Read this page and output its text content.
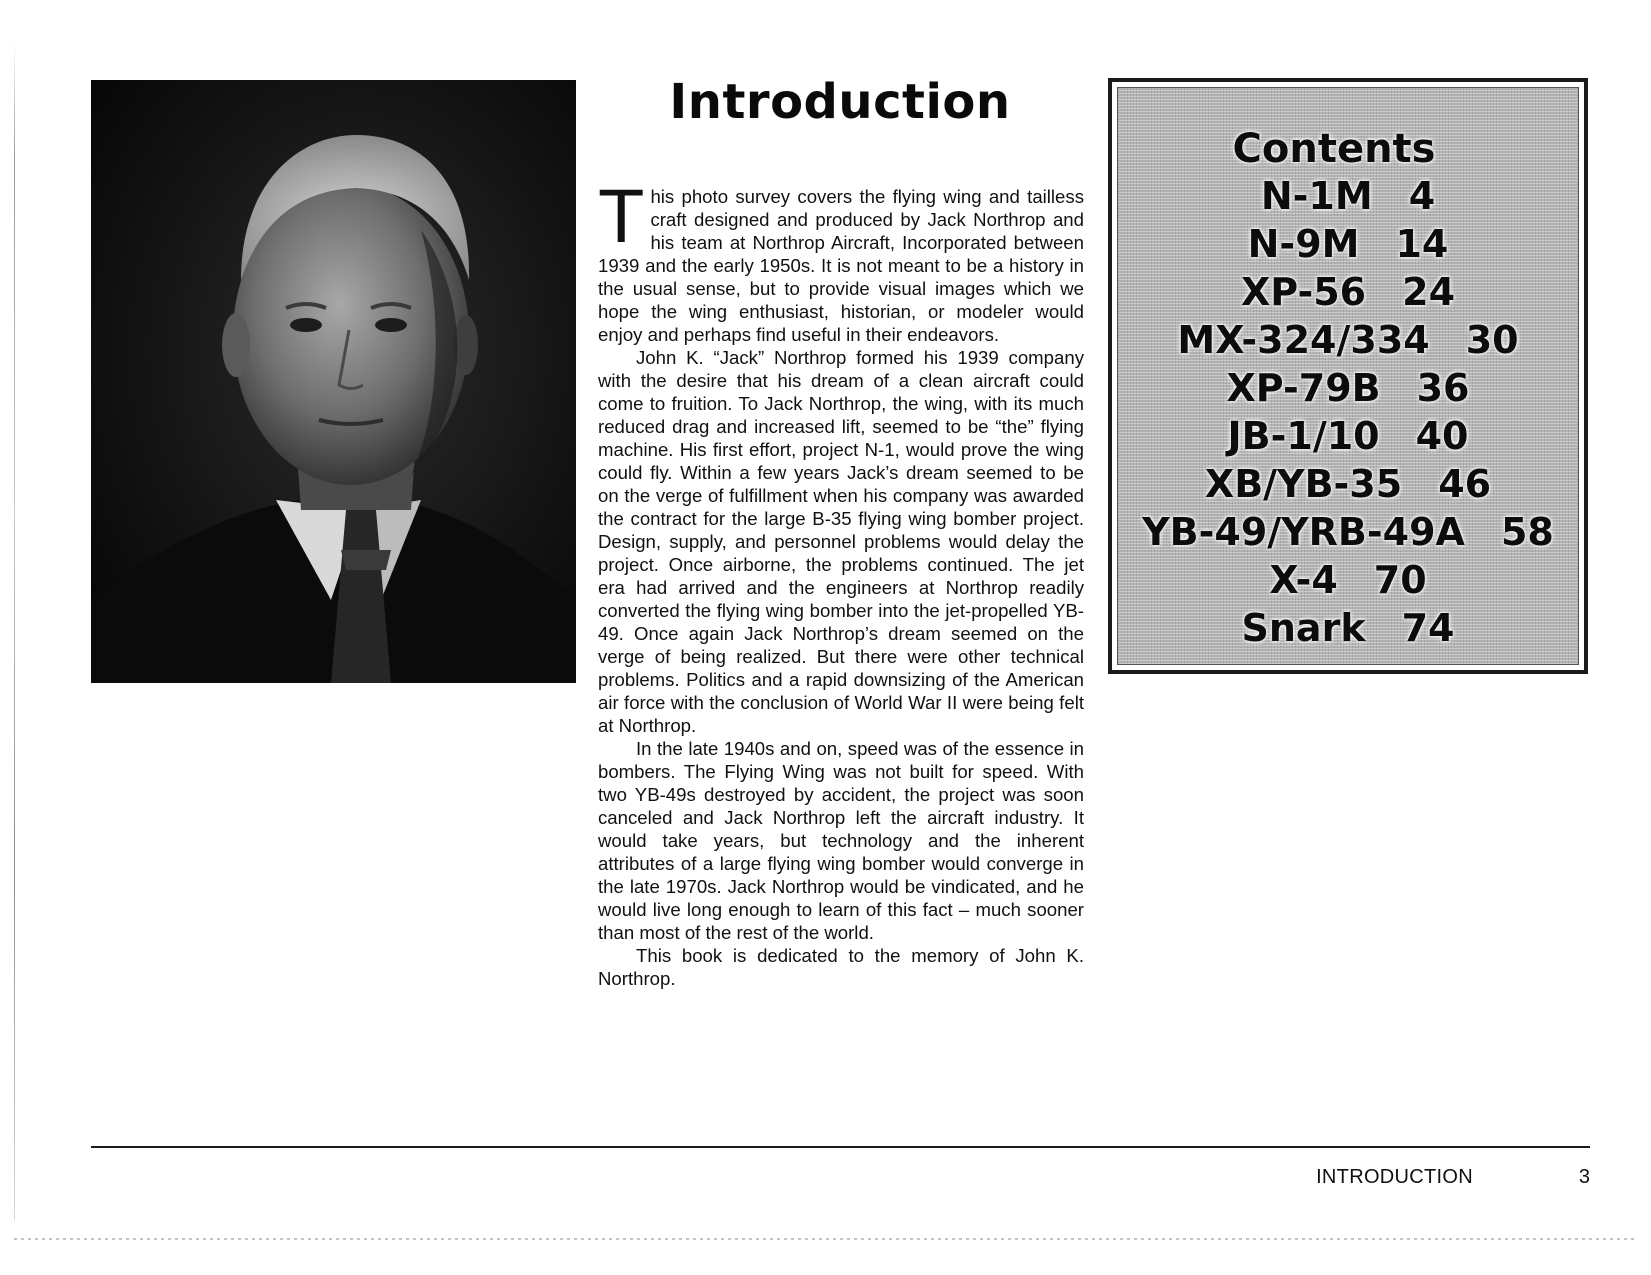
Introduction

This photo survey covers the flying wing and tailless craft designed and produced by Jack Northrop and his team at Northrop Aircraft, Incorporated between 1939 and the early 1950s. It is not meant to be a history in the usual sense, but to provide visual images which we hope the wing enthusiast, historian, or modeler would enjoy and perhaps find useful in their endeavors.

John K. “Jack” Northrop formed his 1939 company with the desire that his dream of a clean aircraft could come to fruition. To Jack Northrop, the wing, with its much reduced drag and increased lift, seemed to be “the” flying machine. His first effort, project N-1, would prove the wing could fly. Within a few years Jack’s dream seemed to be on the verge of fulfillment when his company was awarded the contract for the large B-35 flying wing bomber project. Design, supply, and personnel problems would delay the project. Once airborne, the problems continued. The jet era had arrived and the engineers at Northrop readily converted the flying wing bomber into the jet-propelled YB-49. Once again Jack Northrop’s dream seemed on the verge of being realized. But there were other technical problems. Politics and a rapid downsizing of the American air force with the conclusion of World War II were being felt at Northrop.

In the late 1940s and on, speed was of the essence in bombers. The Flying Wing was not built for speed. With two YB-49s destroyed by accident, the project was soon canceled and Jack Northrop left the aircraft industry. It would take years, but technology and the inherent attributes of a large flying wing bomber would converge in the late 1970s. Jack Northrop would be vindicated, and he would live long enough to learn of this fact – much sooner than most of the rest of the world.

This book is dedicated to the memory of John K. Northrop.

Contents
N-1M 4
N-9M 14
XP-56 24
MX-324/334 30
XP-79B 36
JB-1/10 40
XB/YB-35 46
YB-49/YRB-49A 58
X-4 70
Snark 74
INTRODUCTION	3
